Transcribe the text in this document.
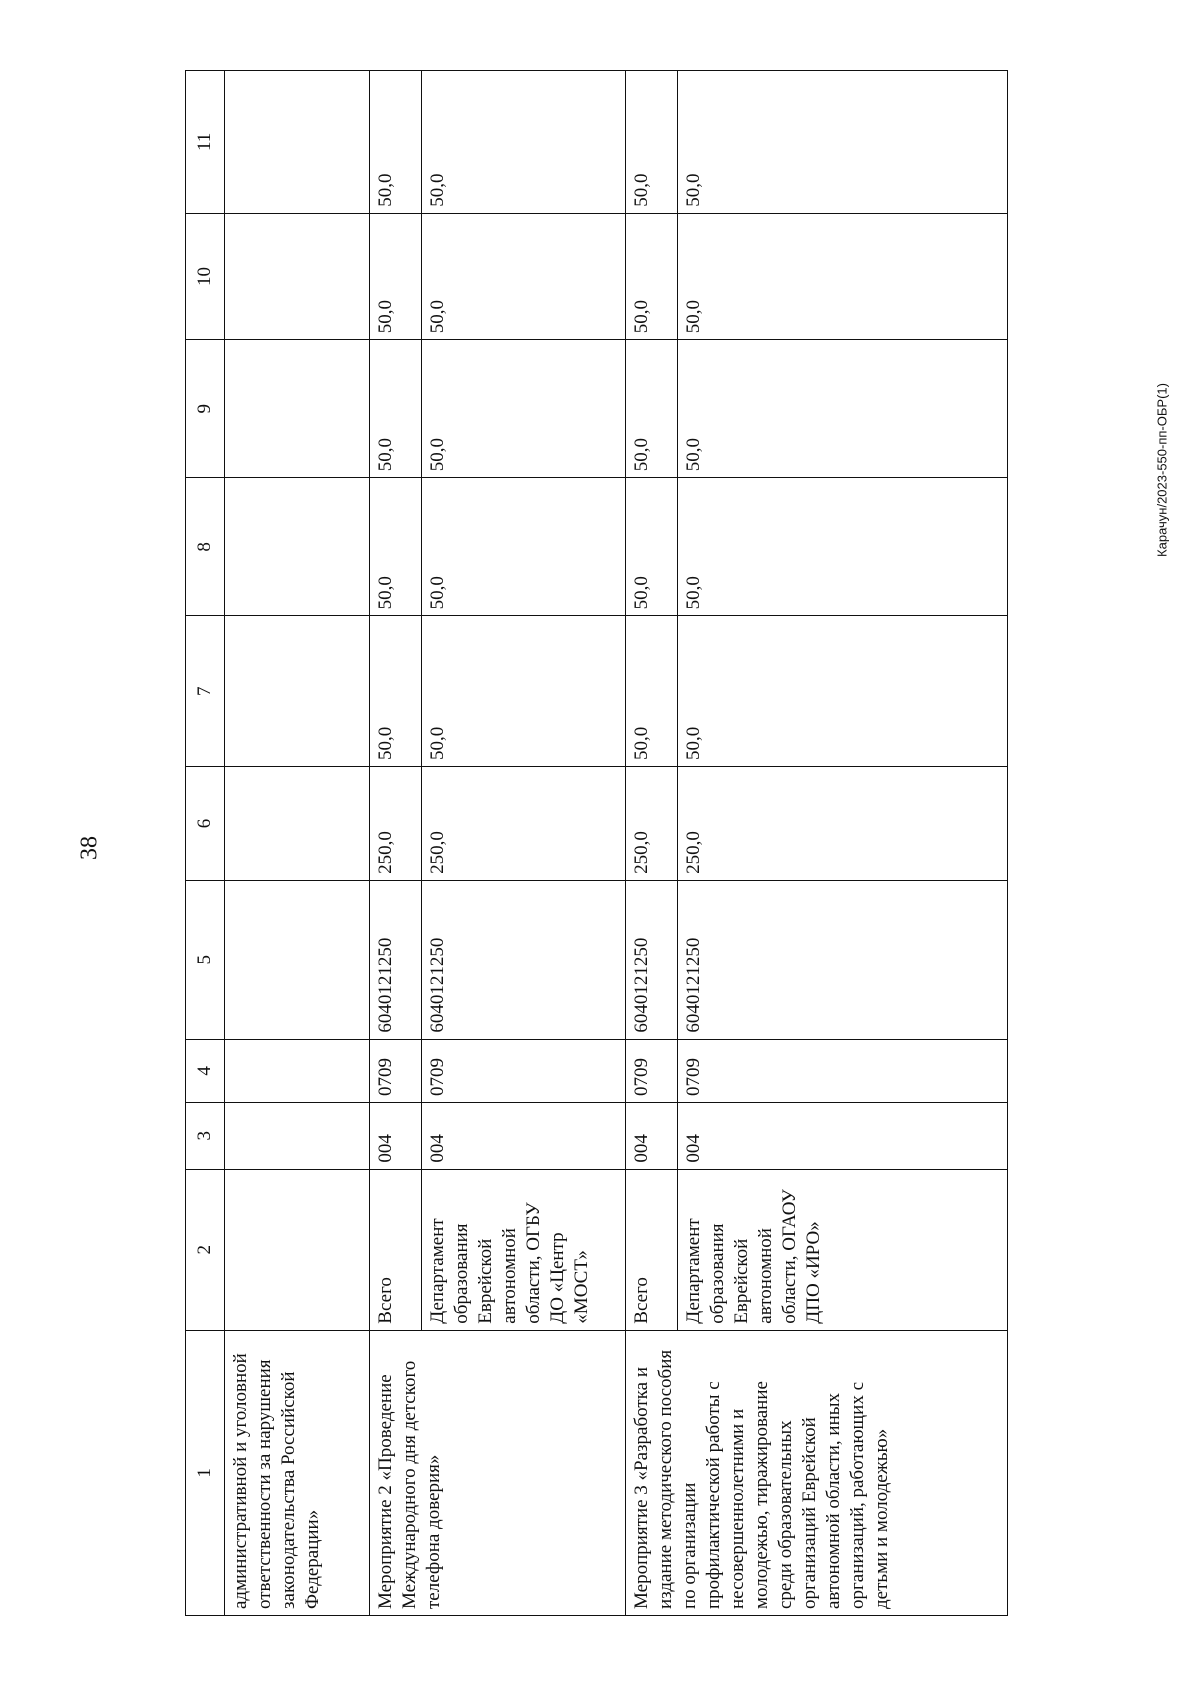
38
Карачун/2023-550-пп-ОБР(1)
1	2	3	4	5	6	7	8	9	10	11
административной и уголовной ответственности за нарушения законодательства Российской Федерации»										
Мероприятие 2 «Проведение Международного дня детского телефона доверия»	Всего	004	0709	6040121250	250,0	50,0	50,0	50,0	50,0	50,0
	Департамент образования Еврейской автономной области, ОГБУ ДО «Центр «МОСТ»	004	0709	6040121250	250,0	50,0	50,0	50,0	50,0	50,0
Мероприятие 3 «Разработка и издание методического пособия по организации профилактической работы с несовершеннолетними и молодежью, тиражирование среди образовательных организаций Еврейской автономной области, иных организаций, работающих с детьми и молодежью»	Всего	004	0709	6040121250	250,0	50,0	50,0	50,0	50,0	50,0
	Департамент образования Еврейской автономной области, ОГАОУ ДПО «ИРО»	004	0709	6040121250	250,0	50,0	50,0	50,0	50,0	50,0
